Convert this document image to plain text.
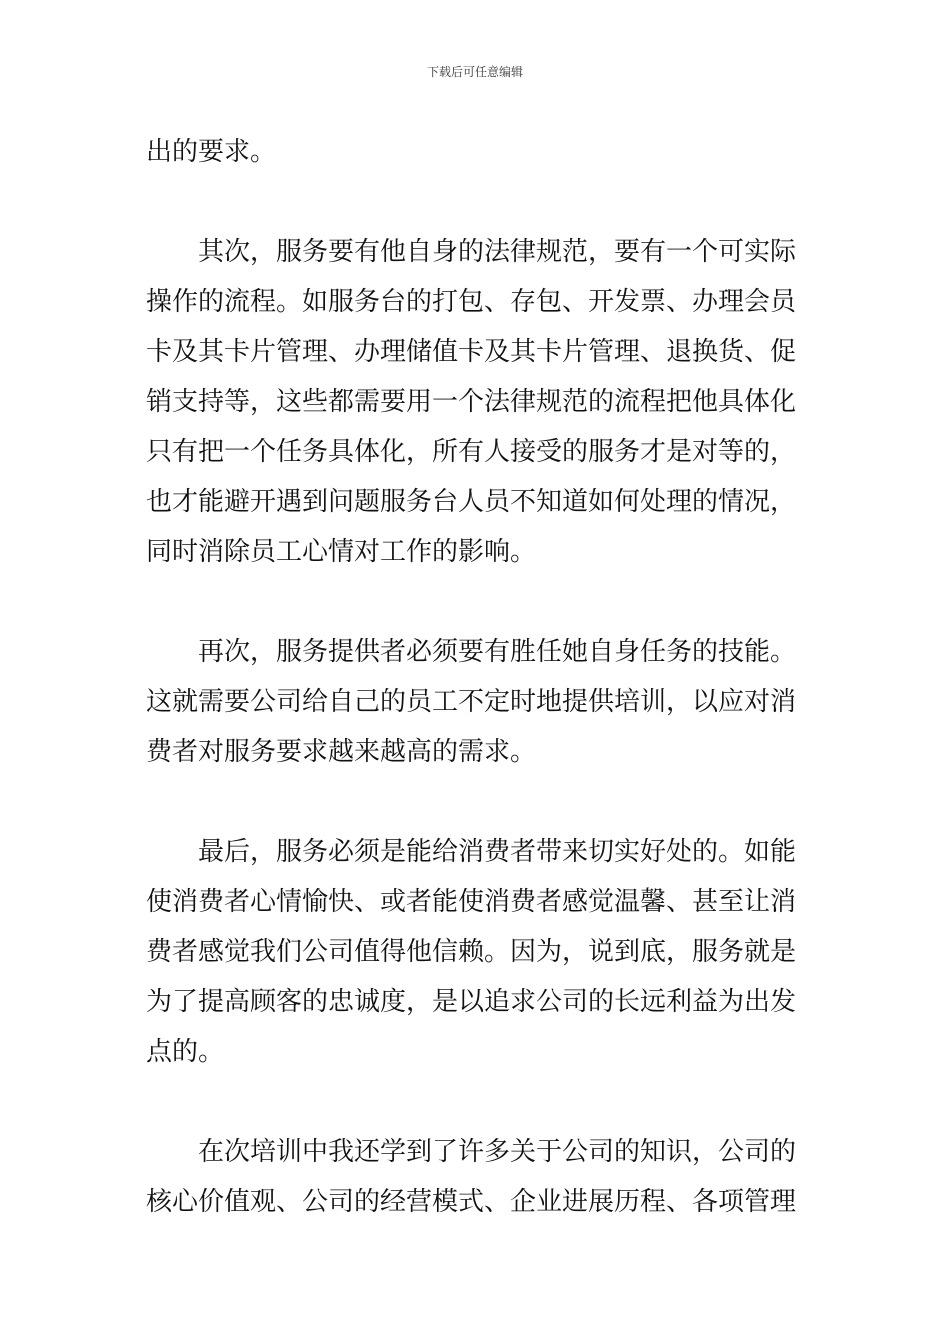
下载后可任意编辑
出的要求。
其次，服务要有他自身的法律规范，要有一个可实际
操作的流程。如服务台的打包、存包、开发票、办理会员
卡及其卡片管理、办理储值卡及其卡片管理、退换货、促
销支持等，这些都需要用一个法律规范的流程把他具体化
只有把一个任务具体化，所有人接受的服务才是对等的，
也才能避开遇到问题服务台人员不知道如何处理的情况，
同时消除员工心情对工作的影响。
再次，服务提供者必须要有胜任她自身任务的技能。
这就需要公司给自己的员工不定时地提供培训，以应对消
费者对服务要求越来越高的需求。
最后，服务必须是能给消费者带来切实好处的。如能
使消费者心情愉快、或者能使消费者感觉温馨、甚至让消
费者感觉我们公司值得他信赖。因为，说到底，服务就是
为了提高顾客的忠诚度，是以追求公司的长远利益为出发
点的。
在次培训中我还学到了许多关于公司的知识，公司的
核心价值观、公司的经营模式、企业进展历程、各项管理
